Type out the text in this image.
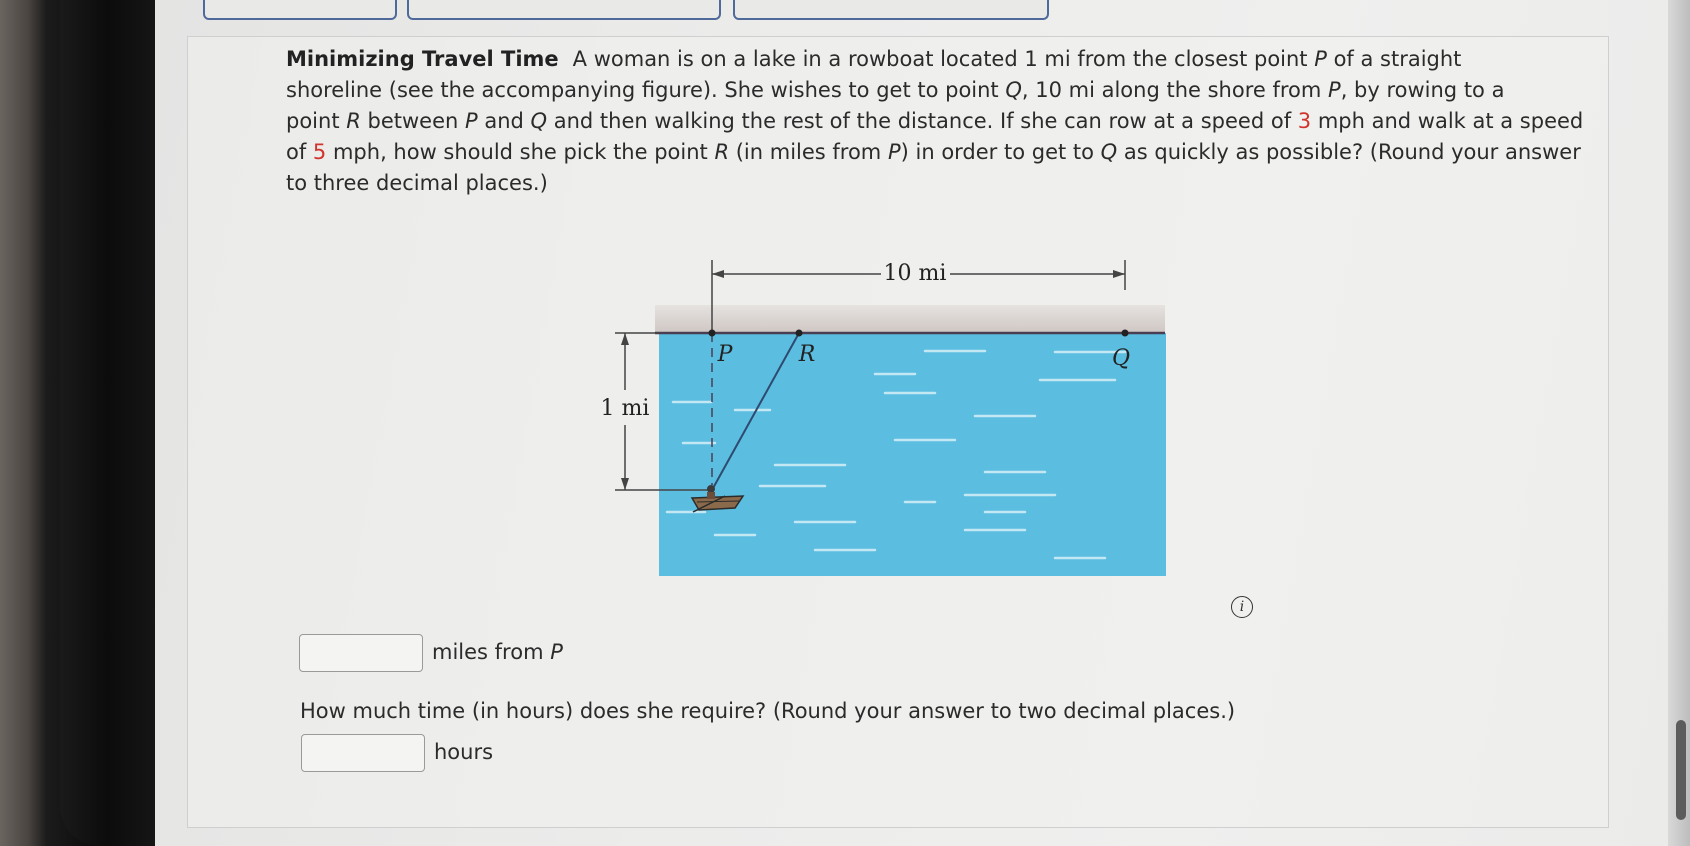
Minimizing Travel Time A woman is on a lake in a rowboat located 1 mi from the closest point P of a straight
shoreline (see the accompanying figure). She wishes to get to point Q, 10 mi along the shore from P, by rowing to a
point R between P and Q and then walking the rest of the distance. If she can row at a speed of 3 mph and walk at a speed
of 5 mph, how should she pick the point R (in miles from P) in order to get to Q as quickly as possible? (Round your answer
to three decimal places.)
10 mi
1 mi
P	R	Q
i
miles from P
How much time (in hours) does she require? (Round your answer to two decimal places.)
hours
